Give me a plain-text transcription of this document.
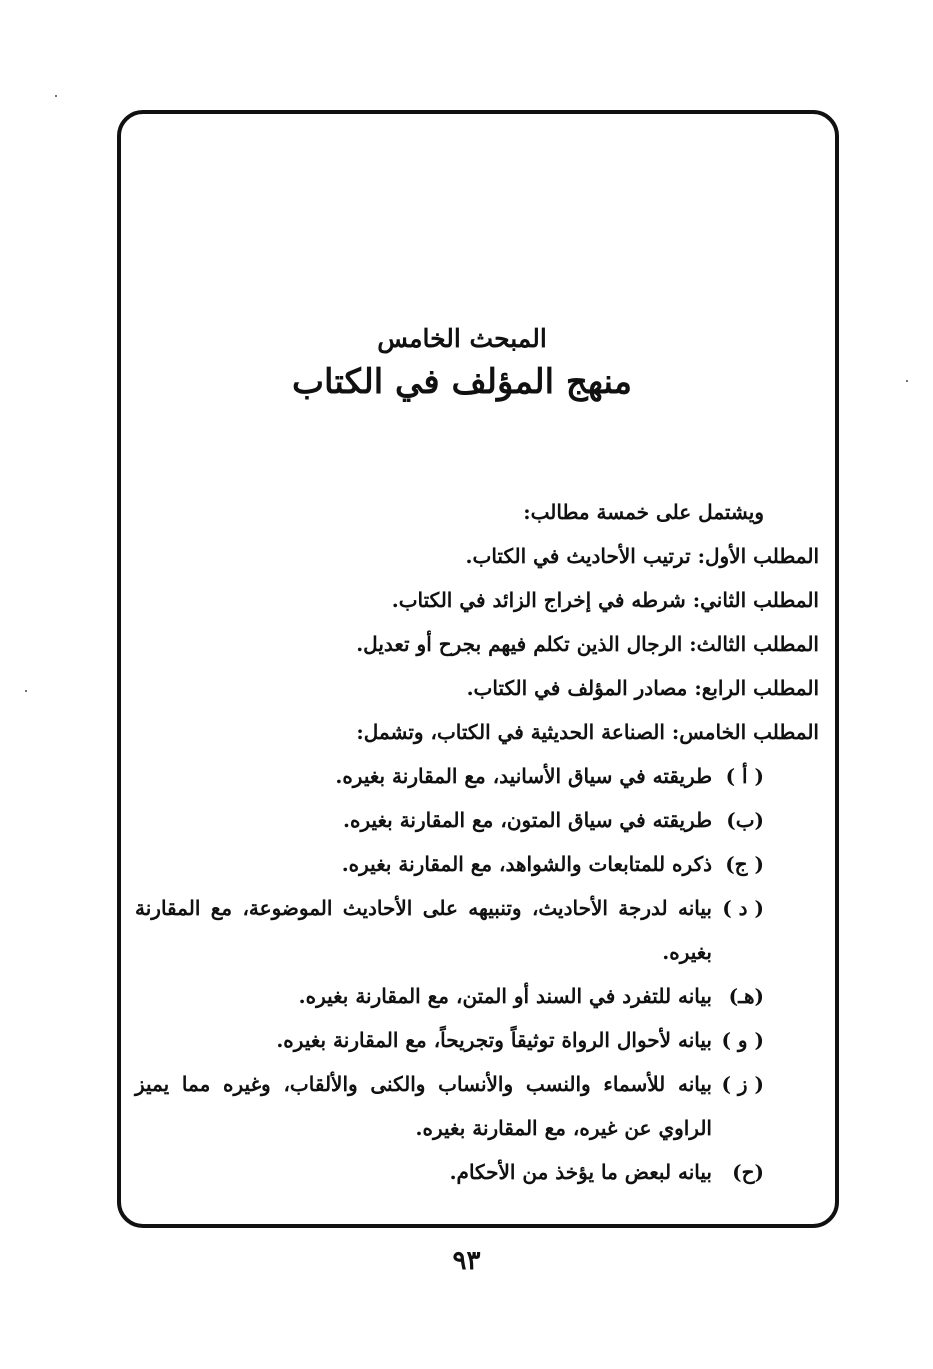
المبحث الخامس
منهج المؤلف في الكتاب
ويشتمل على خمسة مطالب:
المطلب الأول: ترتيب الأحاديث في الكتاب.
المطلب الثاني: شرطه في إخراج الزائد في الكتاب.
المطلب الثالث: الرجال الذين تكلم فيهم بجرح أو تعديل.
المطلب الرابع: مصادر المؤلف في الكتاب.
المطلب الخامس: الصناعة الحديثية في الكتاب، وتشمل:
( أ )
طريقته في سياق الأسانيد، مع المقارنة بغيره.
(ب)
طريقته في سياق المتون، مع المقارنة بغيره.
( ج)
ذكره للمتابعات والشواهد، مع المقارنة بغيره.
( د )
بيانه لدرجة الأحاديث، وتنبيهه على الأحاديث الموضوعة، مع المقارنة بغيره.
(هـ)
بيانه للتفرد في السند أو المتن، مع المقارنة بغيره.
( و )
بيانه لأحوال الرواة توثيقاً وتجريحاً، مع المقارنة بغيره.
( ز )
بيانه للأسماء والنسب والأنساب والكنى والألقاب، وغيره مما يميز الراوي عن غيره، مع المقارنة بغيره.
(ح)
بيانه لبعض ما يؤخذ من الأحكام.
٩٣
